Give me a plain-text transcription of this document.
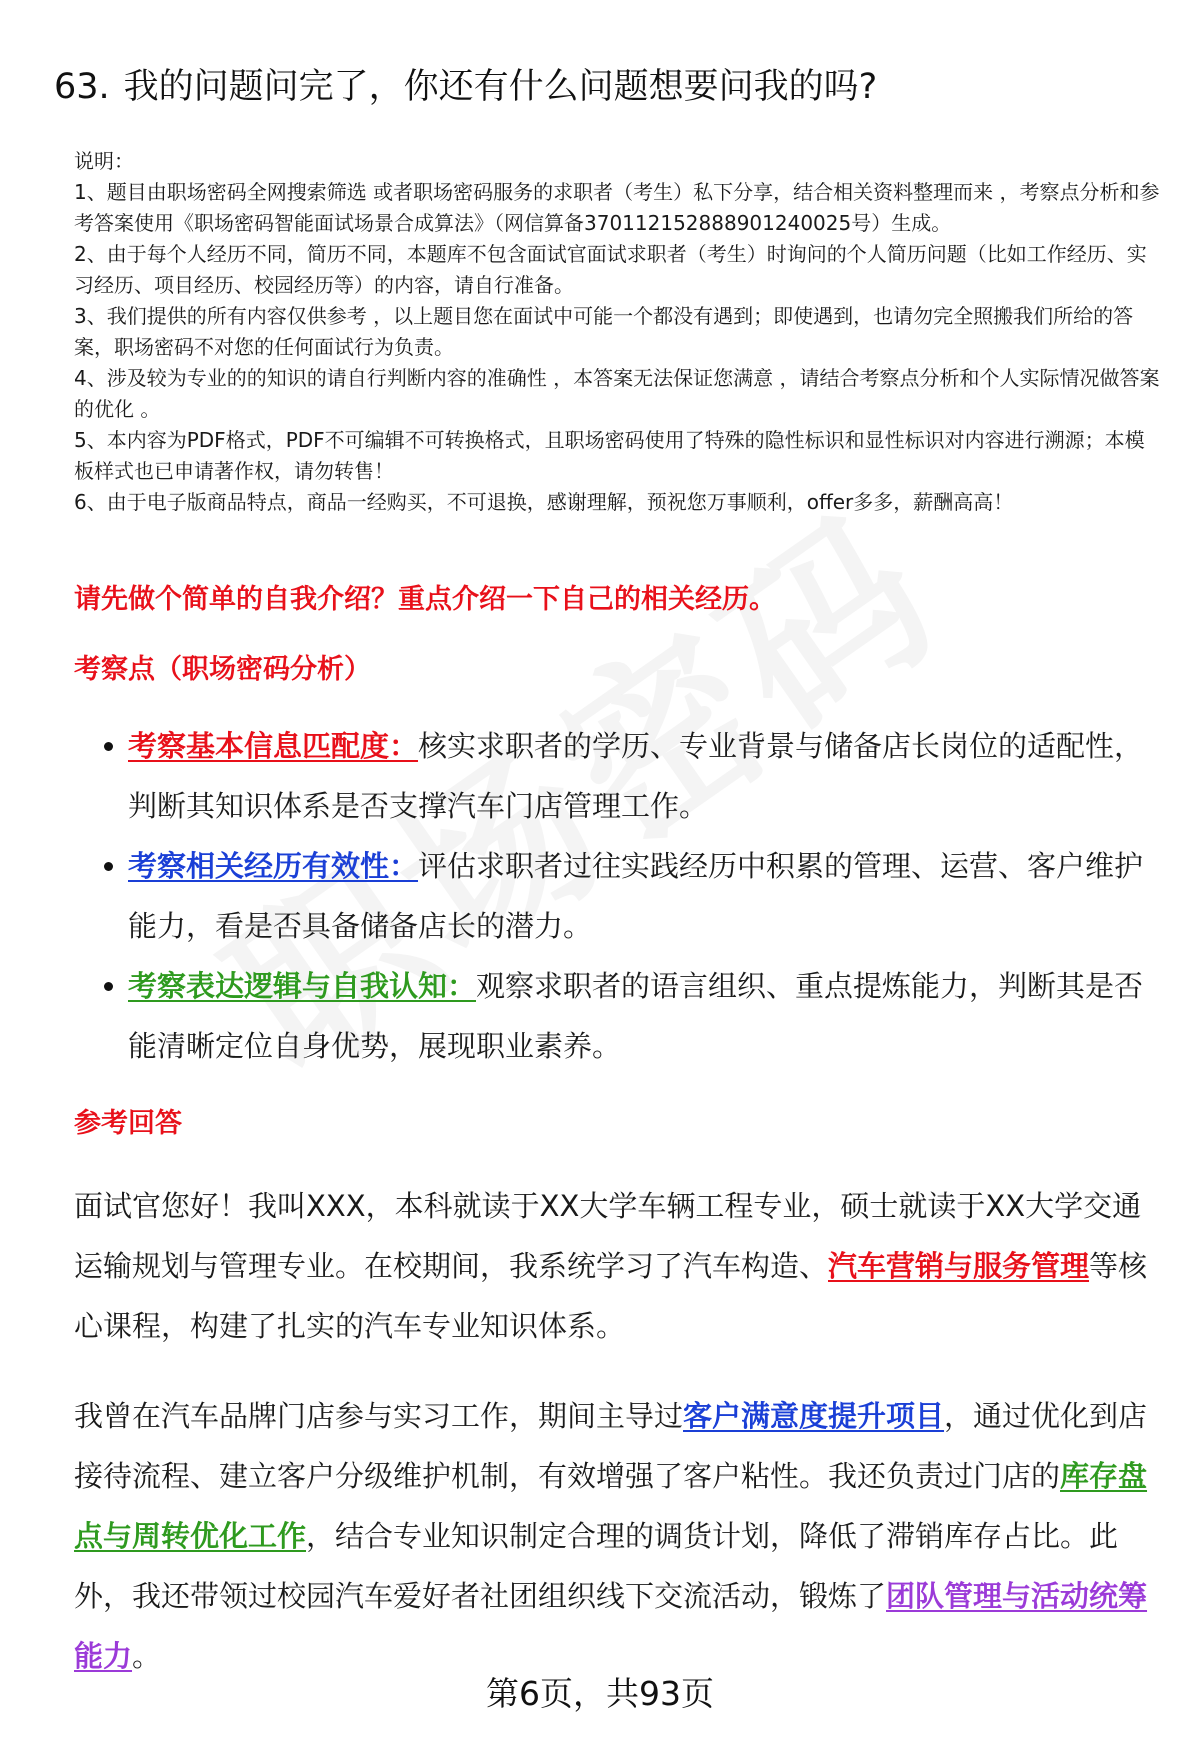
63. 我的问题问完了，你还有什么问题想要问我的吗?

说明：

1、题目由职场密码全网搜索筛选 或者职场密码服务的求职者（考生）私下分享，结合相关资料整理而来 ，考察点分析和参考答案使用《职场密码智能面试场景合成算法》（网信算备370112152888901240025号）生成。

2、由于每个人经历不同，简历不同，本题库不包含面试官面试求职者（考生）时询问的个人简历问题（比如工作经历、实习经历、项目经历、校园经历等）的内容，请自行准备。

3、我们提供的所有内容仅供参考 ，以上题目您在面试中可能一个都没有遇到；即使遇到，也请勿完全照搬我们所给的答案，职场密码不对您的任何面试行为负责。

4、涉及较为专业的的知识的请自行判断内容的准确性 ，本答案无法保证您满意 ，请结合考察点分析和个人实际情况做答案的优化 。

5、本内容为PDF格式，PDF不可编辑不可转换格式，且职场密码使用了特殊的隐性标识和显性标识对内容进行溯源；本模板样式也已申请著作权，请勿转售！

6、由于电子版商品特点，商品一经购买，不可退换，感谢理解，预祝您万事顺利，offer多多，薪酬高高！

请先做个简单的自我介绍？重点介绍一下自己的相关经历。
考察点（职场密码分析）
考察基本信息匹配度：核实求职者的学历、专业背景与储备店长岗位的适配性，判断其知识体系是否支撑汽车门店管理工作。
考察相关经历有效性：评估求职者过往实践经历中积累的管理、运营、客户维护能力，看是否具备储备店长的潜力。
考察表达逻辑与自我认知：观察求职者的语言组织、重点提炼能力，判断其是否能清晰定位自身优势，展现职业素养。
参考回答

面试官您好！我叫XXX，本科就读于XX大学车辆工程专业，硕士就读于XX大学交通运输规划与管理专业。在校期间，我系统学习了汽车构造、汽车营销与服务管理等核心课程，构建了扎实的汽车专业知识体系。

我曾在汽车品牌门店参与实习工作，期间主导过客户满意度提升项目，通过优化到店接待流程、建立客户分级维护机制，有效增强了客户粘性。我还负责过门店的库存盘点与周转优化工作，结合专业知识制定合理的调货计划，降低了滞销库存占比。此外，我还带领过校园汽车爱好者社团组织线下交流活动，锻炼了团队管理与活动统筹能力。

第6页，共93页
